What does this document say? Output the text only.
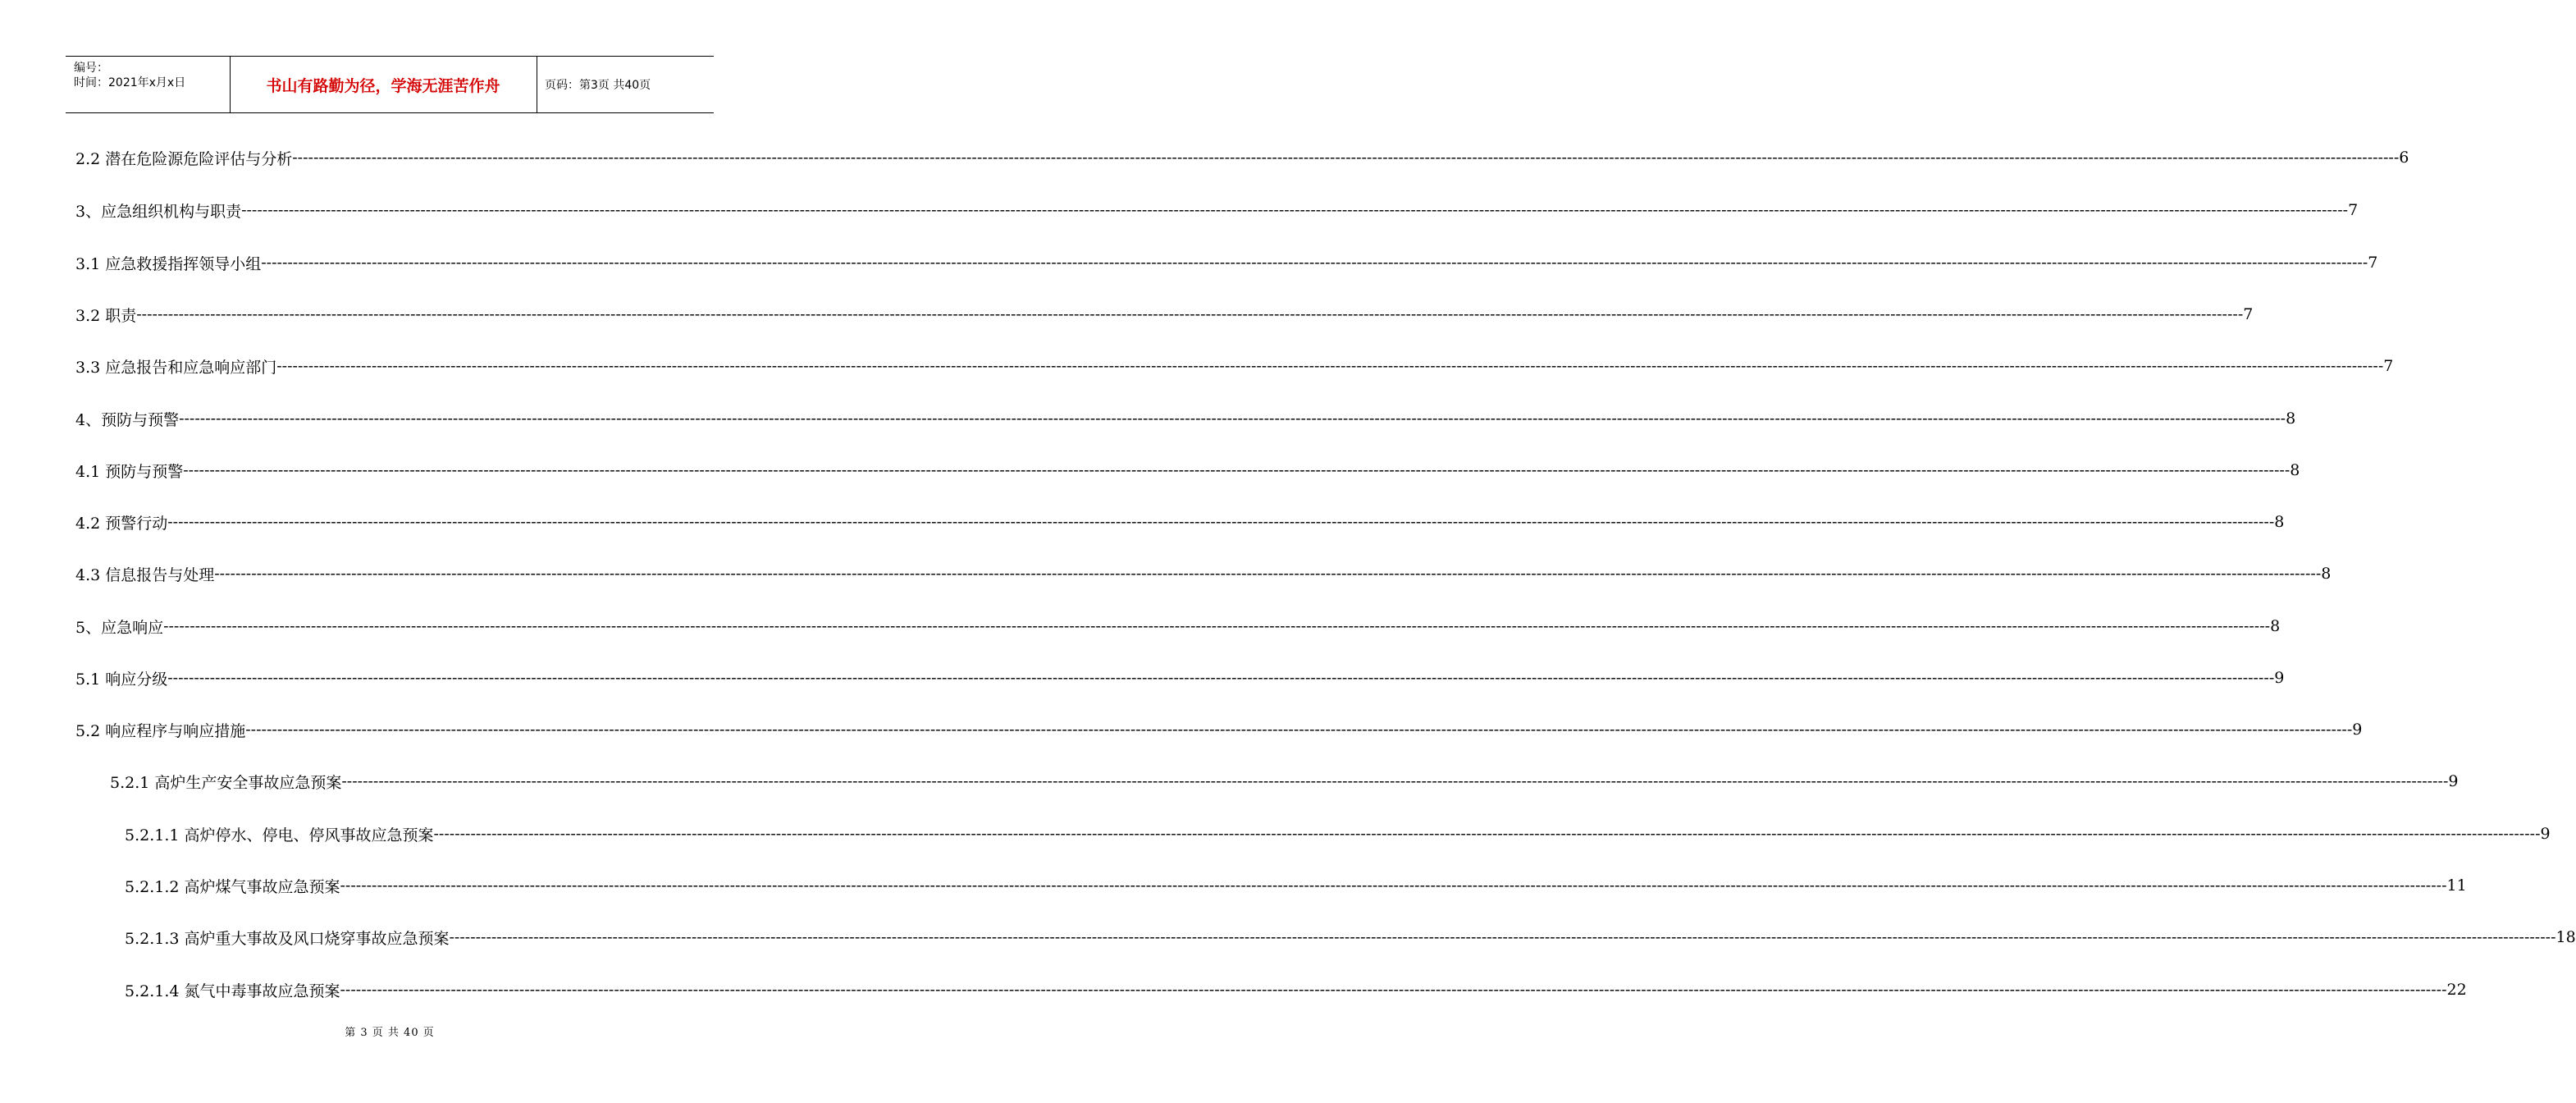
编号：
时间：2021年x月x日	书山有路勤为径，学海无涯苦作舟	页码：第3页 共40页
2.2 潜在危险源危险评估与分析 ---------------------------------------------------------------------------------------------------------------------------------------------------------------------------------------------------------------------------------------------------------------------------------------------------------------------------------------------------------------------------------------------------------------- 6
3、应急组织机构与职责 ---------------------------------------------------------------------------------------------------------------------------------------------------------------------------------------------------------------------------------------------------------------------------------------------------------------------------------------------------------------------------------------------------------------- 7
3.1 应急救援指挥领导小组 ---------------------------------------------------------------------------------------------------------------------------------------------------------------------------------------------------------------------------------------------------------------------------------------------------------------------------------------------------------------------------------------------------------------- 7
3.2 职责 ---------------------------------------------------------------------------------------------------------------------------------------------------------------------------------------------------------------------------------------------------------------------------------------------------------------------------------------------------------------------------------------------------------------- 7
3.3 应急报告和应急响应部门 ---------------------------------------------------------------------------------------------------------------------------------------------------------------------------------------------------------------------------------------------------------------------------------------------------------------------------------------------------------------------------------------------------------------- 7
4、预防与预警 ---------------------------------------------------------------------------------------------------------------------------------------------------------------------------------------------------------------------------------------------------------------------------------------------------------------------------------------------------------------------------------------------------------------- 8
4.1 预防与预警 ---------------------------------------------------------------------------------------------------------------------------------------------------------------------------------------------------------------------------------------------------------------------------------------------------------------------------------------------------------------------------------------------------------------- 8
4.2 预警行动 ---------------------------------------------------------------------------------------------------------------------------------------------------------------------------------------------------------------------------------------------------------------------------------------------------------------------------------------------------------------------------------------------------------------- 8
4.3 信息报告与处理 ---------------------------------------------------------------------------------------------------------------------------------------------------------------------------------------------------------------------------------------------------------------------------------------------------------------------------------------------------------------------------------------------------------------- 8
5、应急响应 ---------------------------------------------------------------------------------------------------------------------------------------------------------------------------------------------------------------------------------------------------------------------------------------------------------------------------------------------------------------------------------------------------------------- 8
5.1 响应分级 ---------------------------------------------------------------------------------------------------------------------------------------------------------------------------------------------------------------------------------------------------------------------------------------------------------------------------------------------------------------------------------------------------------------- 9
5.2 响应程序与响应措施 ---------------------------------------------------------------------------------------------------------------------------------------------------------------------------------------------------------------------------------------------------------------------------------------------------------------------------------------------------------------------------------------------------------------- 9
5.2.1 高炉生产安全事故应急预案 ---------------------------------------------------------------------------------------------------------------------------------------------------------------------------------------------------------------------------------------------------------------------------------------------------------------------------------------------------------------------------------------------------------------- 9
5.2.1.1 高炉停水、停电、停风事故应急预案 ---------------------------------------------------------------------------------------------------------------------------------------------------------------------------------------------------------------------------------------------------------------------------------------------------------------------------------------------------------------------------------------------------------------- 9
5.2.1.2 高炉煤气事故应急预案 ---------------------------------------------------------------------------------------------------------------------------------------------------------------------------------------------------------------------------------------------------------------------------------------------------------------------------------------------------------------------------------------------------------------- 11
5.2.1.3 高炉重大事故及风口烧穿事故应急预案 ---------------------------------------------------------------------------------------------------------------------------------------------------------------------------------------------------------------------------------------------------------------------------------------------------------------------------------------------------------------------------------------------------------------- 18
5.2.1.4 氮气中毒事故应急预案 ---------------------------------------------------------------------------------------------------------------------------------------------------------------------------------------------------------------------------------------------------------------------------------------------------------------------------------------------------------------------------------------------------------------- 22
第 3 页 共 40 页
